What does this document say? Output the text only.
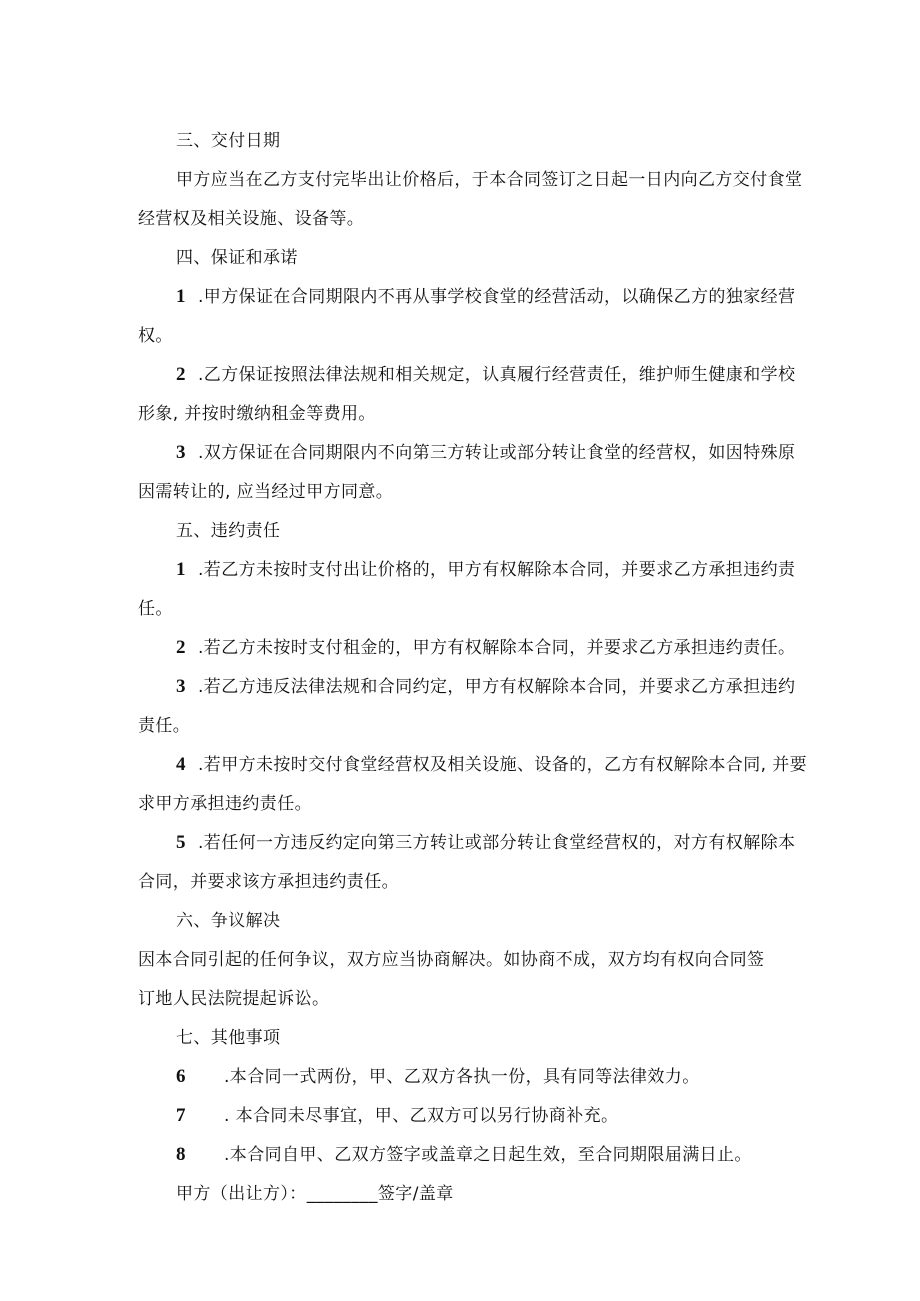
三、交付日期
甲方应当在乙方支付完毕出让价格后，于本合同签订之日起一日内向乙方交付食堂
经营权及相关设施、设备等。
四、保证和承诺
1 .甲方保证在合同期限内不再从事学校食堂的经营活动，以确保乙方的独家经营
权。
2 .乙方保证按照法律法规和相关规定，认真履行经营责任，维护师生健康和学校
形象, 并按时缴纳租金等费用。
3 .双方保证在合同期限内不向第三方转让或部分转让食堂的经营权，如因特殊原
因需转让的, 应当经过甲方同意。
五、违约责任
1 .若乙方未按时支付出让价格的，甲方有权解除本合同，并要求乙方承担违约责
任。
2 .若乙方未按时支付租金的，甲方有权解除本合同，并要求乙方承担违约责任。
3 .若乙方违反法律法规和合同约定，甲方有权解除本合同，并要求乙方承担违约
责任。
4 .若甲方未按时交付食堂经营权及相关设施、设备的，乙方有权解除本合同, 并要
求甲方承担违约责任。
5 .若任何一方违反约定向第三方转让或部分转让食堂经营权的，对方有权解除本
合同，并要求该方承担违约责任。
六、争议解决
因本合同引起的任何争议，双方应当协商解决。如协商不成，双方均有权向合同签
订地人民法院提起诉讼。
七、其他事项
6 .本合同一式两份，甲、乙双方各执一份，具有同等法律效力。
7 . 本合同未尽事宜，甲、乙双方可以另行协商补充。
8 .本合同自甲、乙双方签字或盖章之日起生效，至合同期限届满日止。
甲方（出让方）：________签字/盖章
